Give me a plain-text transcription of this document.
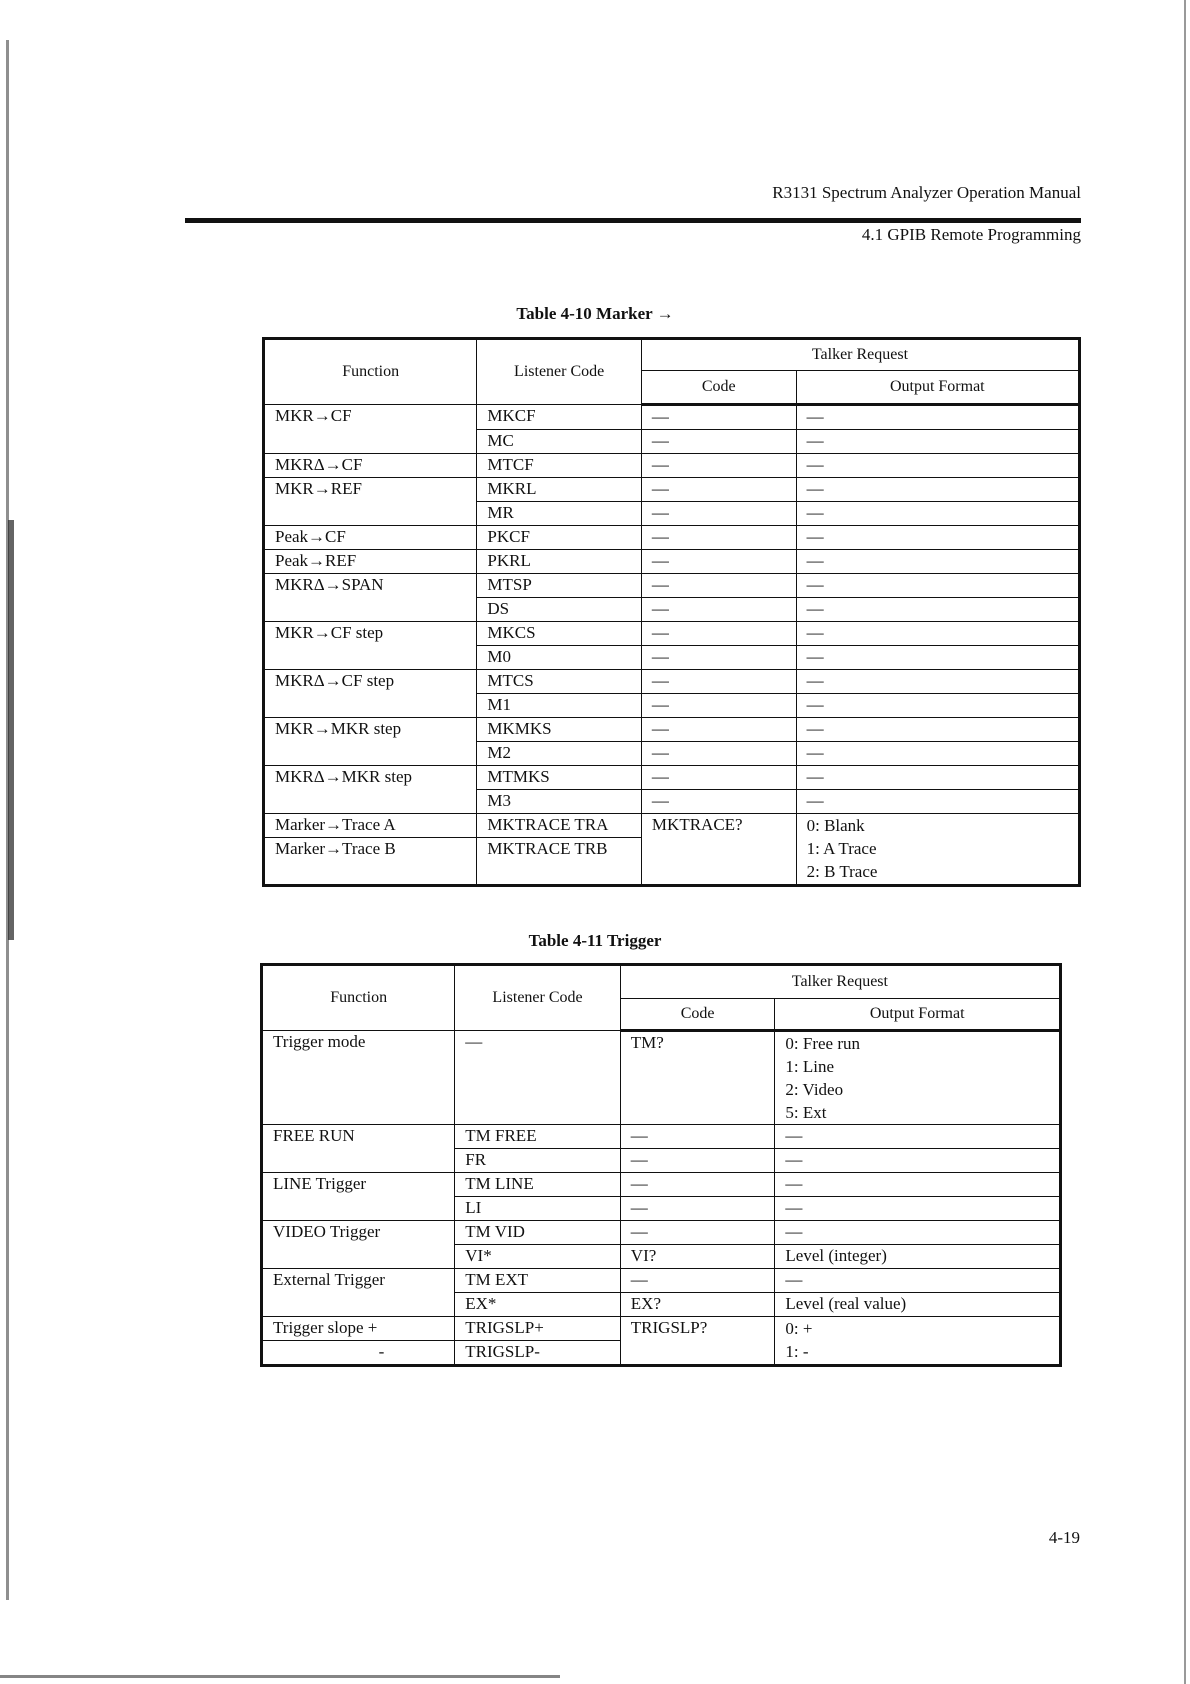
R3131 Spectrum Analyzer Operation Manual
4.1 GPIB Remote Programming
Table 4-10 Marker →
Function	Listener Code	Talker Request	
		Code	Output Format
MKR→CF	MKCF	—	—
	MC	—	—
MKRΔ→CF	MTCF	—	—
MKR→REF	MKRL	—	—
	MR	—	—
Peak→CF	PKCF	—	—
Peak→REF	PKRL	—	—
MKRΔ→SPAN	MTSP	—	—
	DS	—	—
MKR→CF step	MKCS	—	—
	M0	—	—
MKRΔ→CF step	MTCS	—	—
	M1	—	—
MKR→MKR step	MKMKS	—	—
	M2	—	—
MKRΔ→MKR step	MTMKS	—	—
	M3	—	—
Marker→Trace A	MKTRACE TRA	MKTRACE?	0: Blank
1: A Trace
2: B Trace

Marker→Trace B	MKTRACE TRB		
Table 4-11 Trigger
Function	Listener Code	Talker Request	
		Code	Output Format
Trigger mode	—	TM?	0: Free run
1: Line
2: Video
5: Ext

FREE RUN	TM FREE	—	—
	FR	—	—
LINE Trigger	TM LINE	—	—
	LI	—	—
VIDEO Trigger	TM VID	—	—
	VI*	VI?	Level (integer)
External Trigger	TM EXT	—	—
	EX*	EX?	Level (real value)
Trigger slope +	TRIGSLP+	TRIGSLP?	0: +
1: -

-	TRIGSLP-		
4-19
